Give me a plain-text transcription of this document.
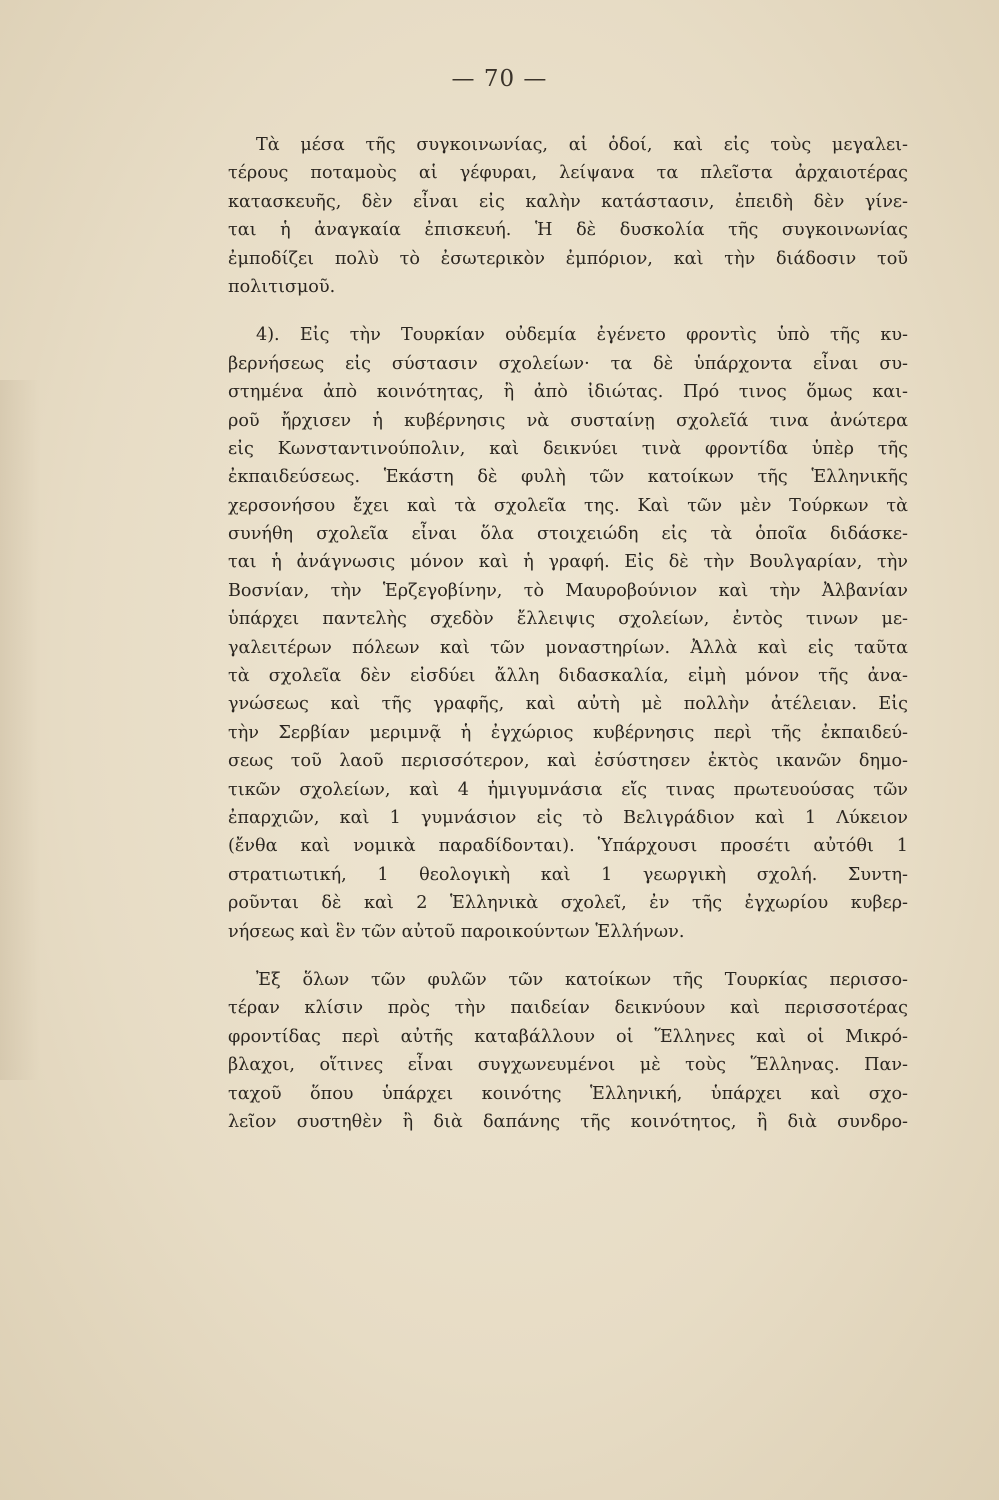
— 70 —
Τὰ μέσα τῆς συγκοινωνίας, αἱ ὁδοί, καὶ εἰς τοὺς μεγαλει-
τέρους ποταμοὺς αἱ γέφυραι, λείψανα τα πλεῖστα ἀρχαιοτέρας
κατασκευῆς, δὲν εἶναι εἰς καλὴν κατάστασιν, ἐπειδὴ δὲν γίνε-
ται ἡ ἀναγκαία ἐπισκευή. Ἡ δὲ δυσκολία τῆς συγκοινωνίας
ἐμποδίζει πολὺ τὸ ἐσωτερικὸν ἐμπόριον, καὶ τὴν διάδοσιν τοῦ
πολιτισμοῦ.
4). Εἰς τὴν Τουρκίαν οὐδεμία ἐγένετο φροντὶς ὑπὸ τῆς κυ-
βερνήσεως εἰς σύστασιν σχολείων· τα δὲ ὑπάρχοντα εἶναι συ-
στημένα ἀπὸ κοινότητας, ἢ ἀπὸ ἰδιώτας. Πρό τινος ὅμως και-
ροῦ ἤρχισεν ἡ κυβέρνησις νὰ συσταίνῃ σχολεῖά τινα ἀνώτερα
εἰς Κωνσταντινούπολιν, καὶ δεικνύει τινὰ φροντίδα ὑπὲρ τῆς
ἐκπαιδεύσεως. Ἑκάστη δὲ φυλὴ τῶν κατοίκων τῆς Ἑλληνικῆς
χερσονήσου ἔχει καὶ τὰ σχολεῖα της. Καὶ τῶν μὲν Τούρκων τὰ
συνήθη σχολεῖα εἶναι ὅλα στοιχειώδη εἰς τὰ ὁποῖα διδάσκε-
ται ἡ ἀνάγνωσις μόνον καὶ ἡ γραφή. Εἰς δὲ τὴν Βουλγαρίαν, τὴν
Βοσνίαν, τὴν Ἑρζεγοβίνην, τὸ Μαυροβούνιον καὶ τὴν Ἀλβανίαν
ὑπάρχει παντελὴς σχεδὸν ἔλλειψις σχολείων, ἐντὸς τινων με-
γαλειτέρων πόλεων καὶ τῶν μοναστηρίων. Ἀλλὰ καὶ εἰς ταῦτα
τὰ σχολεῖα δὲν εἰσδύει ἄλλη διδασκαλία, εἰμὴ μόνον τῆς ἀνα-
γνώσεως καὶ τῆς γραφῆς, καὶ αὐτὴ μὲ πολλὴν ἀτέλειαν. Εἰς
τὴν Σερβίαν μεριμνᾷ ἡ ἐγχώριος κυβέρνησις περὶ τῆς ἐκπαιδεύ-
σεως τοῦ λαοῦ περισσότερον, καὶ ἐσύστησεν ἐκτὸς ικανῶν δημο-
τικῶν σχολείων, καὶ 4 ἡμιγυμνάσια εἴς τινας πρωτευούσας τῶν
ἐπαρχιῶν, καὶ 1 γυμνάσιον εἰς τὸ Βελιγράδιον καὶ 1 Λύκειον
(ἔνθα καὶ νομικὰ παραδίδονται). Ὑπάρχουσι προσέτι αὐτόθι 1
στρατιωτική, 1 θεολογικὴ καὶ 1 γεωργικὴ σχολή. Συντη-
ροῦνται δὲ καὶ 2 Ἑλληνικὰ σχολεῖ, ἐν τῆς ἐγχωρίου κυβερ-
νήσεως καὶ ἓν τῶν αὐτοῦ παροικούντων Ἑλλήνων.
Ἐξ ὅλων τῶν φυλῶν τῶν κατοίκων τῆς Τουρκίας περισσο-
τέραν κλίσιν πρὸς τὴν παιδείαν δεικνύουν καὶ περισσοτέρας
φροντίδας περὶ αὐτῆς καταβάλλουν οἱ Ἕλληνες καὶ οἱ Μικρό-
βλαχοι, οἵτινες εἶναι συγχωνευμένοι μὲ τοὺς Ἕλληνας. Παν-
ταχοῦ ὅπου ὑπάρχει κοινότης Ἑλληνική, ὑπάρχει καὶ σχο-
λεῖον συστηθὲν ἢ διὰ δαπάνης τῆς κοινότητος, ἢ διὰ συνδρο-
